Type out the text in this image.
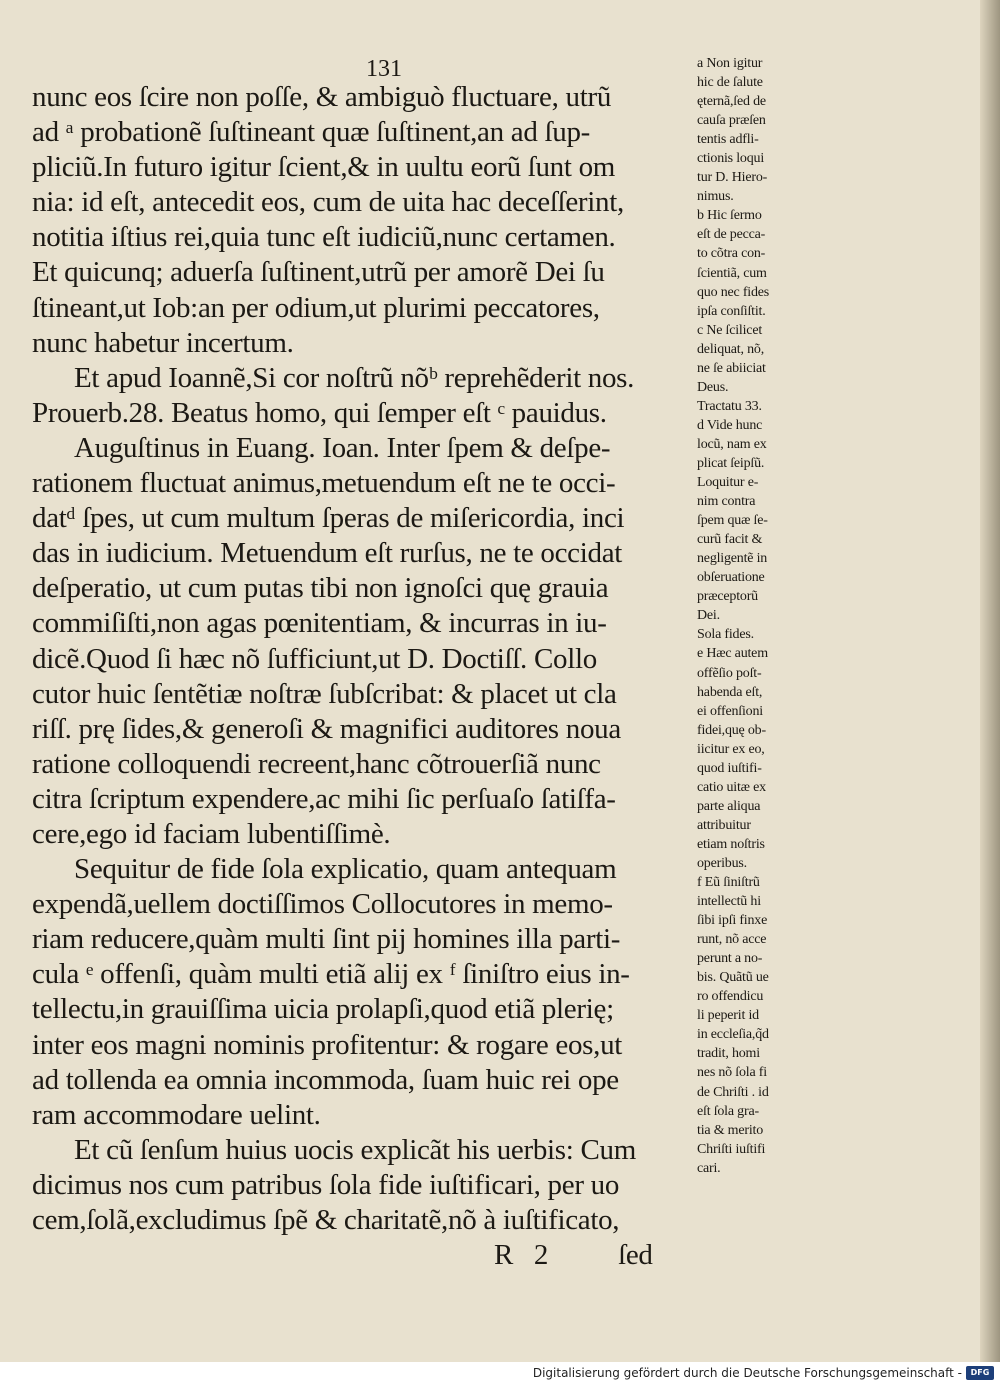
131
nunc eos ſcire non poſſe, & ambiguò fluctuare, utrũ
ad ᵃ probationẽ ſuſtineant quæ ſuſtinent,an ad ſup-
pliciũ.In futuro igitur ſcient,& in uultu eorũ ſunt om
nia: id eſt, antecedit eos, cum de uita hac deceſſerint,
notitia iſtius rei,quia tunc eſt iudiciũ,nunc certamen.
Et quicunq; aduerſa ſuſtinent,utrũ per amorẽ Dei ſu
ſtineant,ut Iob:an per odium,ut plurimi peccatores,
nunc habetur incertum.
Et apud Ioannẽ,Si cor noſtrũ nõᵇ reprehẽderit nos.
Prouerb.28. Beatus homo, qui ſemper eſt ᶜ pauidus.
Auguſtinus in Euang. Ioan. Inter ſpem & deſpe-
rationem fluctuat animus,metuendum eſt ne te occi-
datᵈ ſpes, ut cum multum ſperas de miſericordia, inci
das in iudicium. Metuendum eſt rurſus, ne te occidat
deſperatio, ut cum putas tibi non ignoſci quę grauia
commiſiſti,non agas pœnitentiam, & incurras in iu-
dicẽ.Quod ſi hæc nõ ſufficiunt,ut D. Doctiſſ. Collo
cutor huic ſentẽtiæ noſtræ ſubſcribat: & placet ut cla
riſſ. prę ſides,& generoſi & magnifici auditores noua
ratione colloquendi recreent,hanc cõtrouerſiã nunc
citra ſcriptum expendere,ac mihi ſic perſuaſo ſatiſfa-
cere,ego id faciam lubentiſſimè.
Sequitur de fide ſola explicatio, quam antequam
expendã,uellem doctiſſimos Collocutores in memo-
riam reducere,quàm multi ſint pij homines illa parti-
cula ᵉ offenſi, quàm multi etiã alij ex ᶠ ſiniſtro eius in-
tellectu,in grauiſſima uicia prolapſi,quod etiã plerię;
inter eos magni nominis profitentur: & rogare eos,ut
ad tollenda ea omnia incommoda, ſuam huic rei ope
ram accommodare uelint.
Et cũ ſenſum huius uocis explicãt his uerbis: Cum
dicimus nos cum patribus ſola fide iuſtificari, per uo
cem,ſolã,excludimus ſpẽ & charitatẽ,nõ à iuſtificato,
R   2 ſed
a Non igitur
hic de ſalute
ęternã,ſed de
cauſa præſen
tentis adfli-
ctionis loqui
tur D. Hiero-
nimus.
b Hic ſermo
eſt de pecca-
to cõtra con-
ſcientiã, cum
quo nec fides
ipſa conſiſtit.
c Ne ſcilicet
deliquat, nõ,
ne ſe abiiciat
Deus.
Tractatu 33.
d Vide hunc
locũ, nam ex
plicat ſeipſũ.
Loquitur e-
nim contra
ſpem quæ ſe-
curũ facit &
negligentẽ in
obſeruatione
præceptorũ
Dei.
Sola fides.
e Hæc autem
offẽſio poſt-
habenda eſt,
ei offenſioni
fidei,quę ob-
iicitur ex eo,
quod iuſtifi-
catio uitæ ex
parte aliqua
attribuitur
etiam noſtris
operibus.
f Eũ ſiniſtrũ
intellectũ hi
ſibi ipſi finxe
runt, nõ acce
perunt a no-
bis. Quãtũ ue
ro offendicu
li peperit id
in eccleſia,q̃d
tradit, homi
nes nõ ſola fi
de Chriſti . id
eſt ſola gra-
tia & merito
Chriſti iuſtifi
cari.
Digitalisierung gefördert durch die Deutsche Forschungsgemeinschaft -	DFG
